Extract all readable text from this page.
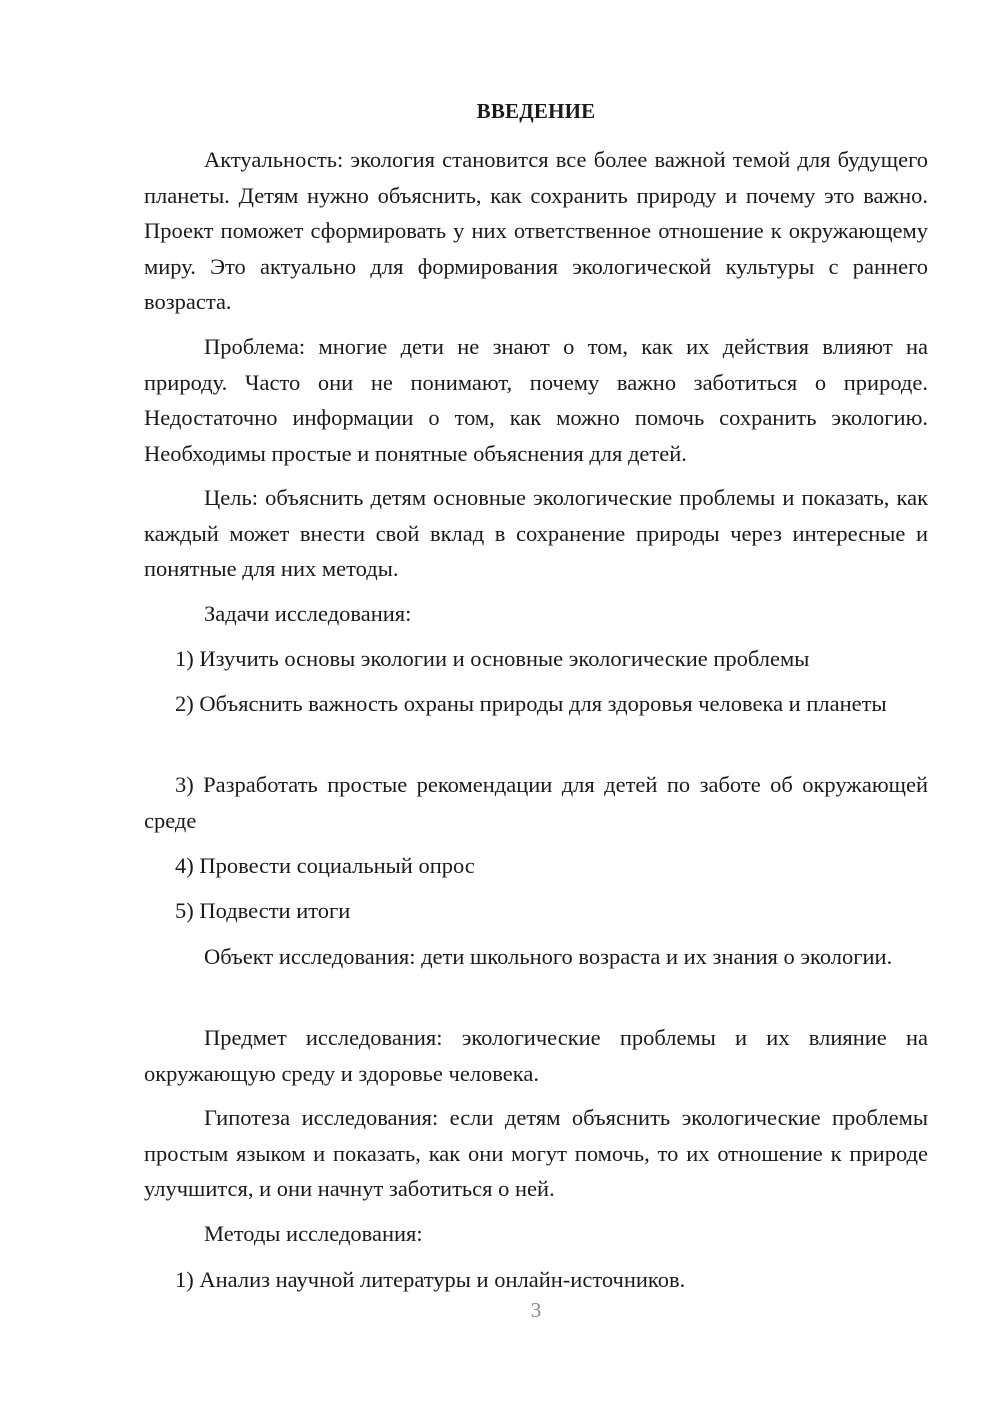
ВВЕДЕНИЕ

Актуальность: экология становится все более важной темой для будущего планеты. Детям нужно объяснить, как сохранить природу и почему это важно. Проект поможет сформировать у них ответственное отношение к окружающему миру. Это актуально для формирования экологической культуры с раннего возраста.

Проблема: многие дети не знают о том, как их действия влияют на природу. Часто они не понимают, почему важно заботиться о природе. Недостаточно информации о том, как можно помочь сохранить экологию. Необходимы простые и понятные объяснения для детей.

Цель: объяснить детям основные экологические проблемы и показать, как каждый может внести свой вклад в сохранение природы через интересные и понятные для них методы.

Задачи исследования:

1) Изучить основы экологии и основные экологические проблемы

2) Объяснить важность охраны природы для здоровья человека и планеты

3) Разработать простые рекомендации для детей по заботе об окружающей среде

4) Провести социальный опрос

5) Подвести итоги

Объект исследования: дети школьного возраста и их знания о экологии.

Предмет исследования: экологические проблемы и их влияние на окружающую среду и здоровье человека.

Гипотеза исследования: если детям объяснить экологические проблемы простым языком и показать, как они могут помочь, то их отношение к природе улучшится, и они начнут заботиться о ней.

Методы исследования:

1) Анализ научной литературы и онлайн-источников.

3
